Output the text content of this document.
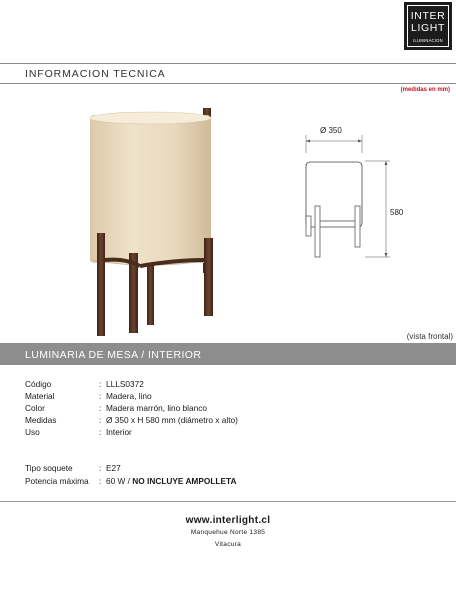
INTER
LIGHT
ILUMINACION
INFORMACION TECNICA
(medidas en mm)
Ø 350
580
(vista frontal)
LUMINARIA DE MESA / INTERIOR
Código	: LLLS0372
Material	: Madera, lino
Color	: Madera marrón, lino blanco
Medidas	: Ø 350 x H 580 mm (diámetro x alto)
Uso	: Interior
Tipo soquete	: E27
Potencia máxima : 60 W / NO INCLUYE AMPOLLETA
www.interlight.cl
Manquehue Norte 1385
Vitacura
